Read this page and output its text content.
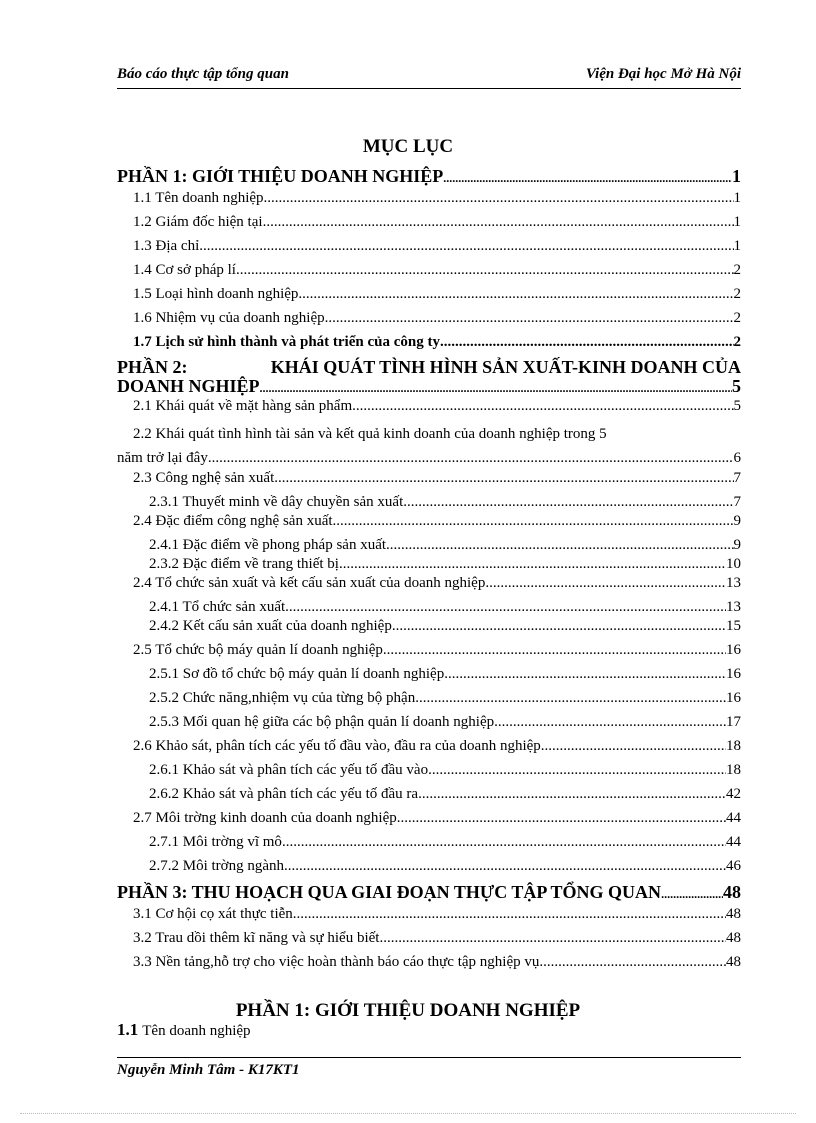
Báo cáo thực tập tổng quan	Viện Đại học Mở Hà Nội
MỤC LỤC
PHẦN 1: GIỚI THIỆU DOANH NGHIỆP .....	1
1.1 Tên doanh nghiệp .....	1
1.2 Giám đốc hiện tại .....	1
1.3 Địa chỉ .....	1
1.4 Cơ sở pháp lí .....	2
1.5 Loại hình doanh nghiệp .....	2
1.6 Nhiệm vụ của doanh nghiệp .....	2
1.7 Lịch sử hình thành và phát triển của công ty .....	2
PHẦN 2:	KHÁI QUÁT TÌNH HÌNH SẢN XUẤT-KINH DOANH CỦA
DOANH NGHIỆP .....	5
2.1 Khái quát về mặt hàng sản phẩm .....	5
2.2 Khái quát tình hình tài sản và kết quả kinh doanh của doanh nghiệp trong 5
năm trở lại đây .....	6
2.3 Công nghệ sản xuất .....	7
2.3.1 Thuyết minh về dây chuyền sản xuất .....	7
2.4 Đặc điểm công nghệ sản xuất .....	9
2.4.1 Đặc điểm về phong pháp sản xuất .....	9
2.3.2 Đặc điểm về trang thiết bị .....	10
2.4 Tổ chức sản xuất và kết cấu sản xuất của doanh nghiệp .....	13
2.4.1 Tổ chức sản xuất .....	13
2.4.2 Kết cấu sản xuất của doanh nghiệp .....	15
2.5 Tổ chức bộ máy quản lí doanh nghiệp .....	16
2.5.1 Sơ đồ tổ chức bộ máy quản lí doanh nghiệp .....	16
2.5.2 Chức năng,nhiệm vụ của từng bộ phận .....	16
2.5.3 Mối quan hệ giữa các bộ phận quản lí doanh nghiệp .....	17
2.6 Khảo sát, phân tích các yếu tố đầu vào, đầu ra của doanh nghiệp .....	18
2.6.1 Khảo sát và phân tích các yếu tố đầu vào .....	18
2.6.2 Khảo sát và phân tích các yếu tố đầu ra .....	42
2.7 Môi trờng kinh doanh của doanh nghiệp .....	44
2.7.1 Môi trờng vĩ mô .....	44
2.7.2 Môi trờng ngành .....	46
PHẦN 3: THU HOẠCH QUA GIAI ĐOẠN THỰC TẬP TỔNG QUAN .....	48
3.1 Cơ hội cọ xát thực tiễn .....	48
3.2 Trau dồi thêm kĩ năng và sự hiểu biết .....	48
3.3 Nền tảng,hỗ trợ cho việc hoàn thành báo cáo thực tập nghiệp vụ .....	48
PHẦN 1: GIỚI THIỆU DOANH NGHIỆP
1.1 Tên doanh nghiệp
Nguyễn Minh Tâm - K17KT1
